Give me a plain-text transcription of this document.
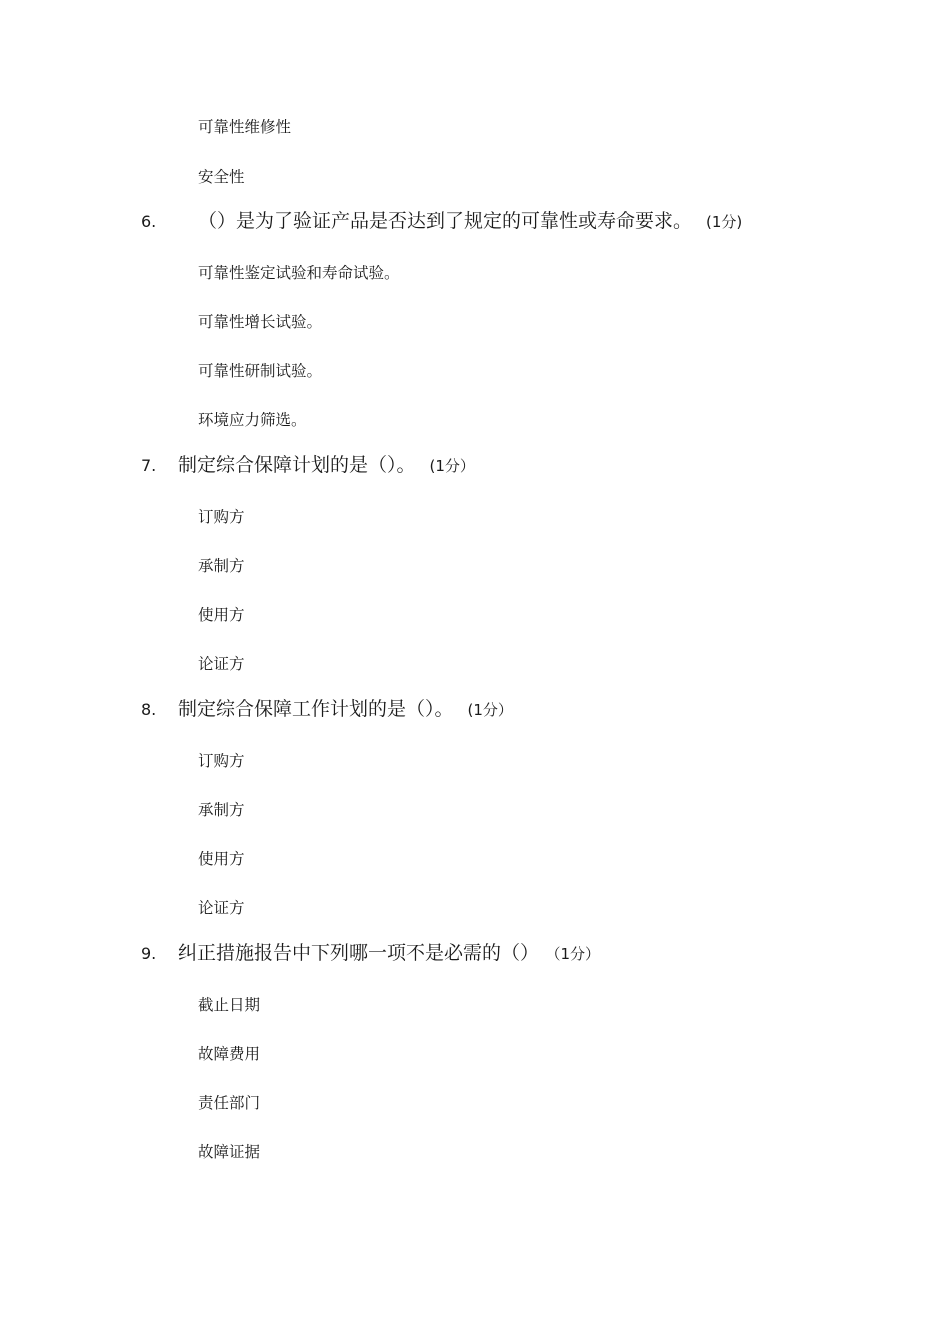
可靠性维修性
安全性
6. （）是为了验证产品是否达到了规定的可靠性或寿命要求。 (1分)
可靠性鉴定试验和寿命试验。
可靠性增长试验。
可靠性研制试验。
环境应力筛选。
7. 制定综合保障计划的是（）。 (1分）
订购方
承制方
使用方
论证方
8. 制定综合保障工作计划的是（）。 (1分）
订购方
承制方
使用方
论证方
9. 纠正措施报告中下列哪一项不是必需的（） （1分）
截止日期
故障费用
责任部门
故障证据
